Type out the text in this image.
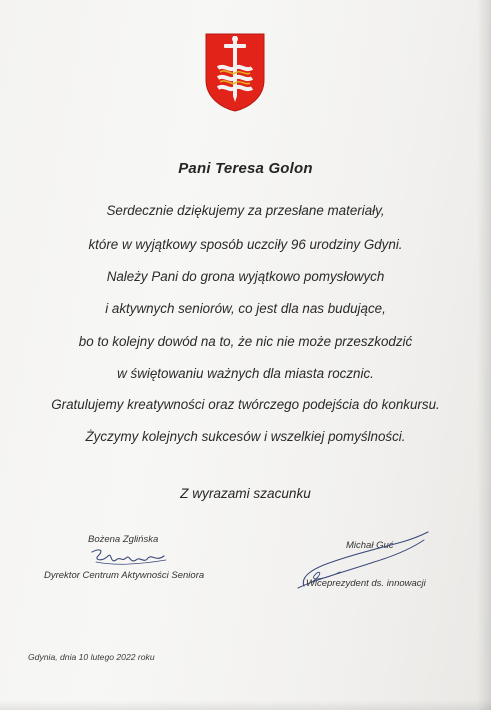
Pani Teresa Golon
Serdecznie dziękujemy za przesłane materiały,
które w wyjątkowy sposób uczciły 96 urodziny Gdyni.
Należy Pani do grona wyjątkowo pomysłowych
i aktywnych seniorów, co jest dla nas budujące,
bo to kolejny dowód na to, że nic nie może przeszkodzić
w świętowaniu ważnych dla miasta rocznic.
Gratulujemy kreatywności oraz twórczego podejścia do konkursu.
Życzymy kolejnych sukcesów i wszelkiej pomyślności.
Z wyrazami szacunku
Bożena Zglińska
Dyrektor Centrum Aktywności Seniora
Michał Guć
Wiceprezydent ds. innowacji
Gdynia, dnia 10 lutego 2022 roku
